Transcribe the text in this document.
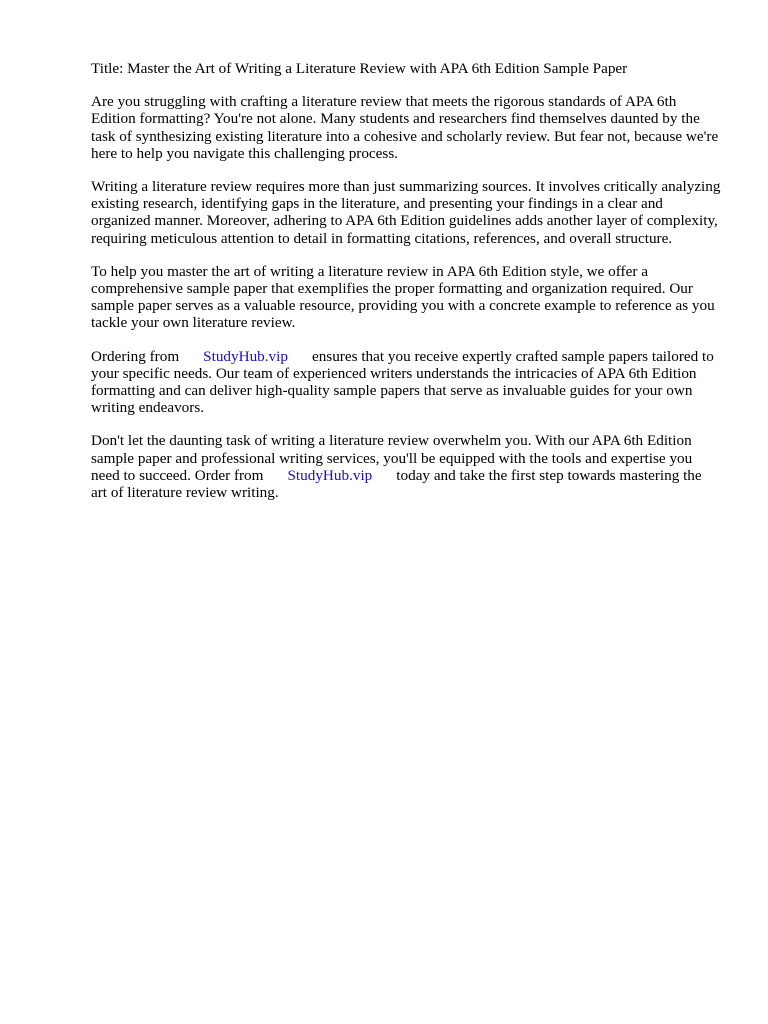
Title: Master the Art of Writing a Literature Review with APA 6th Edition Sample Paper

Are you struggling with crafting a literature review that meets the rigorous standards of APA 6th Edition formatting? You're not alone. Many students and researchers find themselves daunted by the task of synthesizing existing literature into a cohesive and scholarly review. But fear not, because we're here to help you navigate this challenging process.

Writing a literature review requires more than just summarizing sources. It involves critically analyzing existing research, identifying gaps in the literature, and presenting your findings in a clear and organized manner. Moreover, adhering to APA 6th Edition guidelines adds another layer of complexity, requiring meticulous attention to detail in formatting citations, references, and overall structure.

To help you master the art of writing a literature review in APA 6th Edition style, we offer a comprehensive sample paper that exemplifies the proper formatting and organization required. Our sample paper serves as a valuable resource, providing you with a concrete example to reference as you tackle your own literature review.

Ordering from StudyHub.vip ensures that you receive expertly crafted sample papers tailored to your specific needs. Our team of experienced writers understands the intricacies of APA 6th Edition formatting and can deliver high-quality sample papers that serve as invaluable guides for your own writing endeavors.

Don't let the daunting task of writing a literature review overwhelm you. With our APA 6th Edition sample paper and professional writing services, you'll be equipped with the tools and expertise you need to succeed. Order from StudyHub.vip today and take the first step towards mastering the art of literature review writing.
